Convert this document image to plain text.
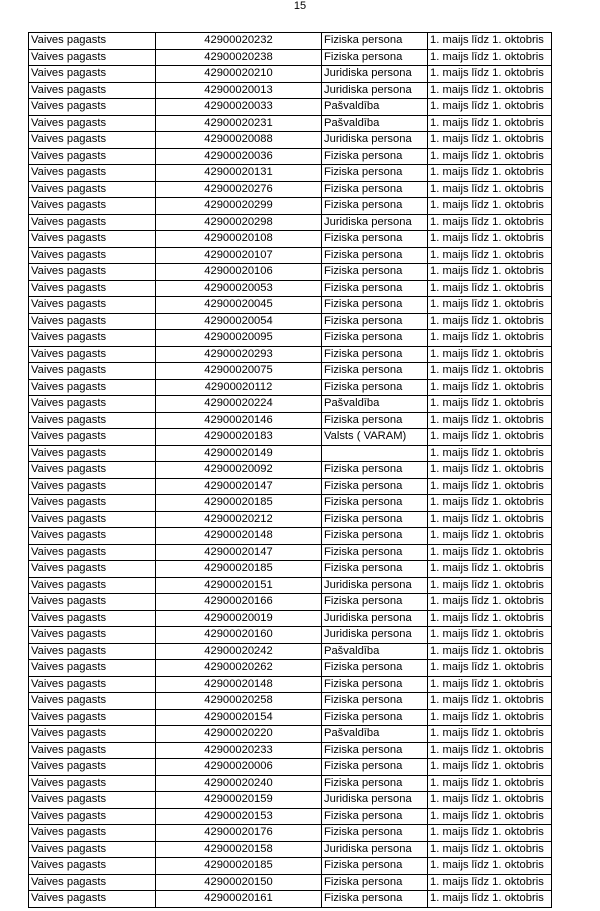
15
Vaives pagasts	42900020232	Fiziska persona	1. maijs līdz 1. oktobris
Vaives pagasts	42900020238	Fiziska persona	1. maijs līdz 1. oktobris
Vaives pagasts	42900020210	Juridiska persona	1. maijs līdz 1. oktobris
Vaives pagasts	42900020013	Juridiska persona	1. maijs līdz 1. oktobris
Vaives pagasts	42900020033	Pašvaldība	1. maijs līdz 1. oktobris
Vaives pagasts	42900020231	Pašvaldība	1. maijs līdz 1. oktobris
Vaives pagasts	42900020088	Juridiska persona	1. maijs līdz 1. oktobris
Vaives pagasts	42900020036	Fiziska persona	1. maijs līdz 1. oktobris
Vaives pagasts	42900020131	Fiziska persona	1. maijs līdz 1. oktobris
Vaives pagasts	42900020276	Fiziska persona	1. maijs līdz 1. oktobris
Vaives pagasts	42900020299	Fiziska persona	1. maijs līdz 1. oktobris
Vaives pagasts	42900020298	Juridiska persona	1. maijs līdz 1. oktobris
Vaives pagasts	42900020108	Fiziska persona	1. maijs līdz 1. oktobris
Vaives pagasts	42900020107	Fiziska persona	1. maijs līdz 1. oktobris
Vaives pagasts	42900020106	Fiziska persona	1. maijs līdz 1. oktobris
Vaives pagasts	42900020053	Fiziska persona	1. maijs līdz 1. oktobris
Vaives pagasts	42900020045	Fiziska persona	1. maijs līdz 1. oktobris
Vaives pagasts	42900020054	Fiziska persona	1. maijs līdz 1. oktobris
Vaives pagasts	42900020095	Fiziska persona	1. maijs līdz 1. oktobris
Vaives pagasts	42900020293	Fiziska persona	1. maijs līdz 1. oktobris
Vaives pagasts	42900020075	Fiziska persona	1. maijs līdz 1. oktobris
Vaives pagasts	42900020112	Fiziska persona	1. maijs līdz 1. oktobris
Vaives pagasts	42900020224	Pašvaldība	1. maijs līdz 1. oktobris
Vaives pagasts	42900020146	Fiziska persona	1. maijs līdz 1. oktobris
Vaives pagasts	42900020183	Valsts ( VARAM)	1. maijs līdz 1. oktobris
Vaives pagasts	42900020149		1. maijs līdz 1. oktobris
Vaives pagasts	42900020092	Fiziska persona	1. maijs līdz 1. oktobris
Vaives pagasts	42900020147	Fiziska persona	1. maijs līdz 1. oktobris
Vaives pagasts	42900020185	Fiziska persona	1. maijs līdz 1. oktobris
Vaives pagasts	42900020212	Fiziska persona	1. maijs līdz 1. oktobris
Vaives pagasts	42900020148	Fiziska persona	1. maijs līdz 1. oktobris
Vaives pagasts	42900020147	Fiziska persona	1. maijs līdz 1. oktobris
Vaives pagasts	42900020185	Fiziska persona	1. maijs līdz 1. oktobris
Vaives pagasts	42900020151	Juridiska persona	1. maijs līdz 1. oktobris
Vaives pagasts	42900020166	Fiziska persona	1. maijs līdz 1. oktobris
Vaives pagasts	42900020019	Juridiska persona	1. maijs līdz 1. oktobris
Vaives pagasts	42900020160	Juridiska persona	1. maijs līdz 1. oktobris
Vaives pagasts	42900020242	Pašvaldība	1. maijs līdz 1. oktobris
Vaives pagasts	42900020262	Fiziska persona	1. maijs līdz 1. oktobris
Vaives pagasts	42900020148	Fiziska persona	1. maijs līdz 1. oktobris
Vaives pagasts	42900020258	Fiziska persona	1. maijs līdz 1. oktobris
Vaives pagasts	42900020154	Fiziska persona	1. maijs līdz 1. oktobris
Vaives pagasts	42900020220	Pašvaldība	1. maijs līdz 1. oktobris
Vaives pagasts	42900020233	Fiziska persona	1. maijs līdz 1. oktobris
Vaives pagasts	42900020006	Fiziska persona	1. maijs līdz 1. oktobris
Vaives pagasts	42900020240	Fiziska persona	1. maijs līdz 1. oktobris
Vaives pagasts	42900020159	Juridiska persona	1. maijs līdz 1. oktobris
Vaives pagasts	42900020153	Fiziska persona	1. maijs līdz 1. oktobris
Vaives pagasts	42900020176	Fiziska persona	1. maijs līdz 1. oktobris
Vaives pagasts	42900020158	Juridiska persona	1. maijs līdz 1. oktobris
Vaives pagasts	42900020185	Fiziska persona	1. maijs līdz 1. oktobris
Vaives pagasts	42900020150	Fiziska persona	1. maijs līdz 1. oktobris
Vaives pagasts	42900020161	Fiziska persona	1. maijs līdz 1. oktobris
